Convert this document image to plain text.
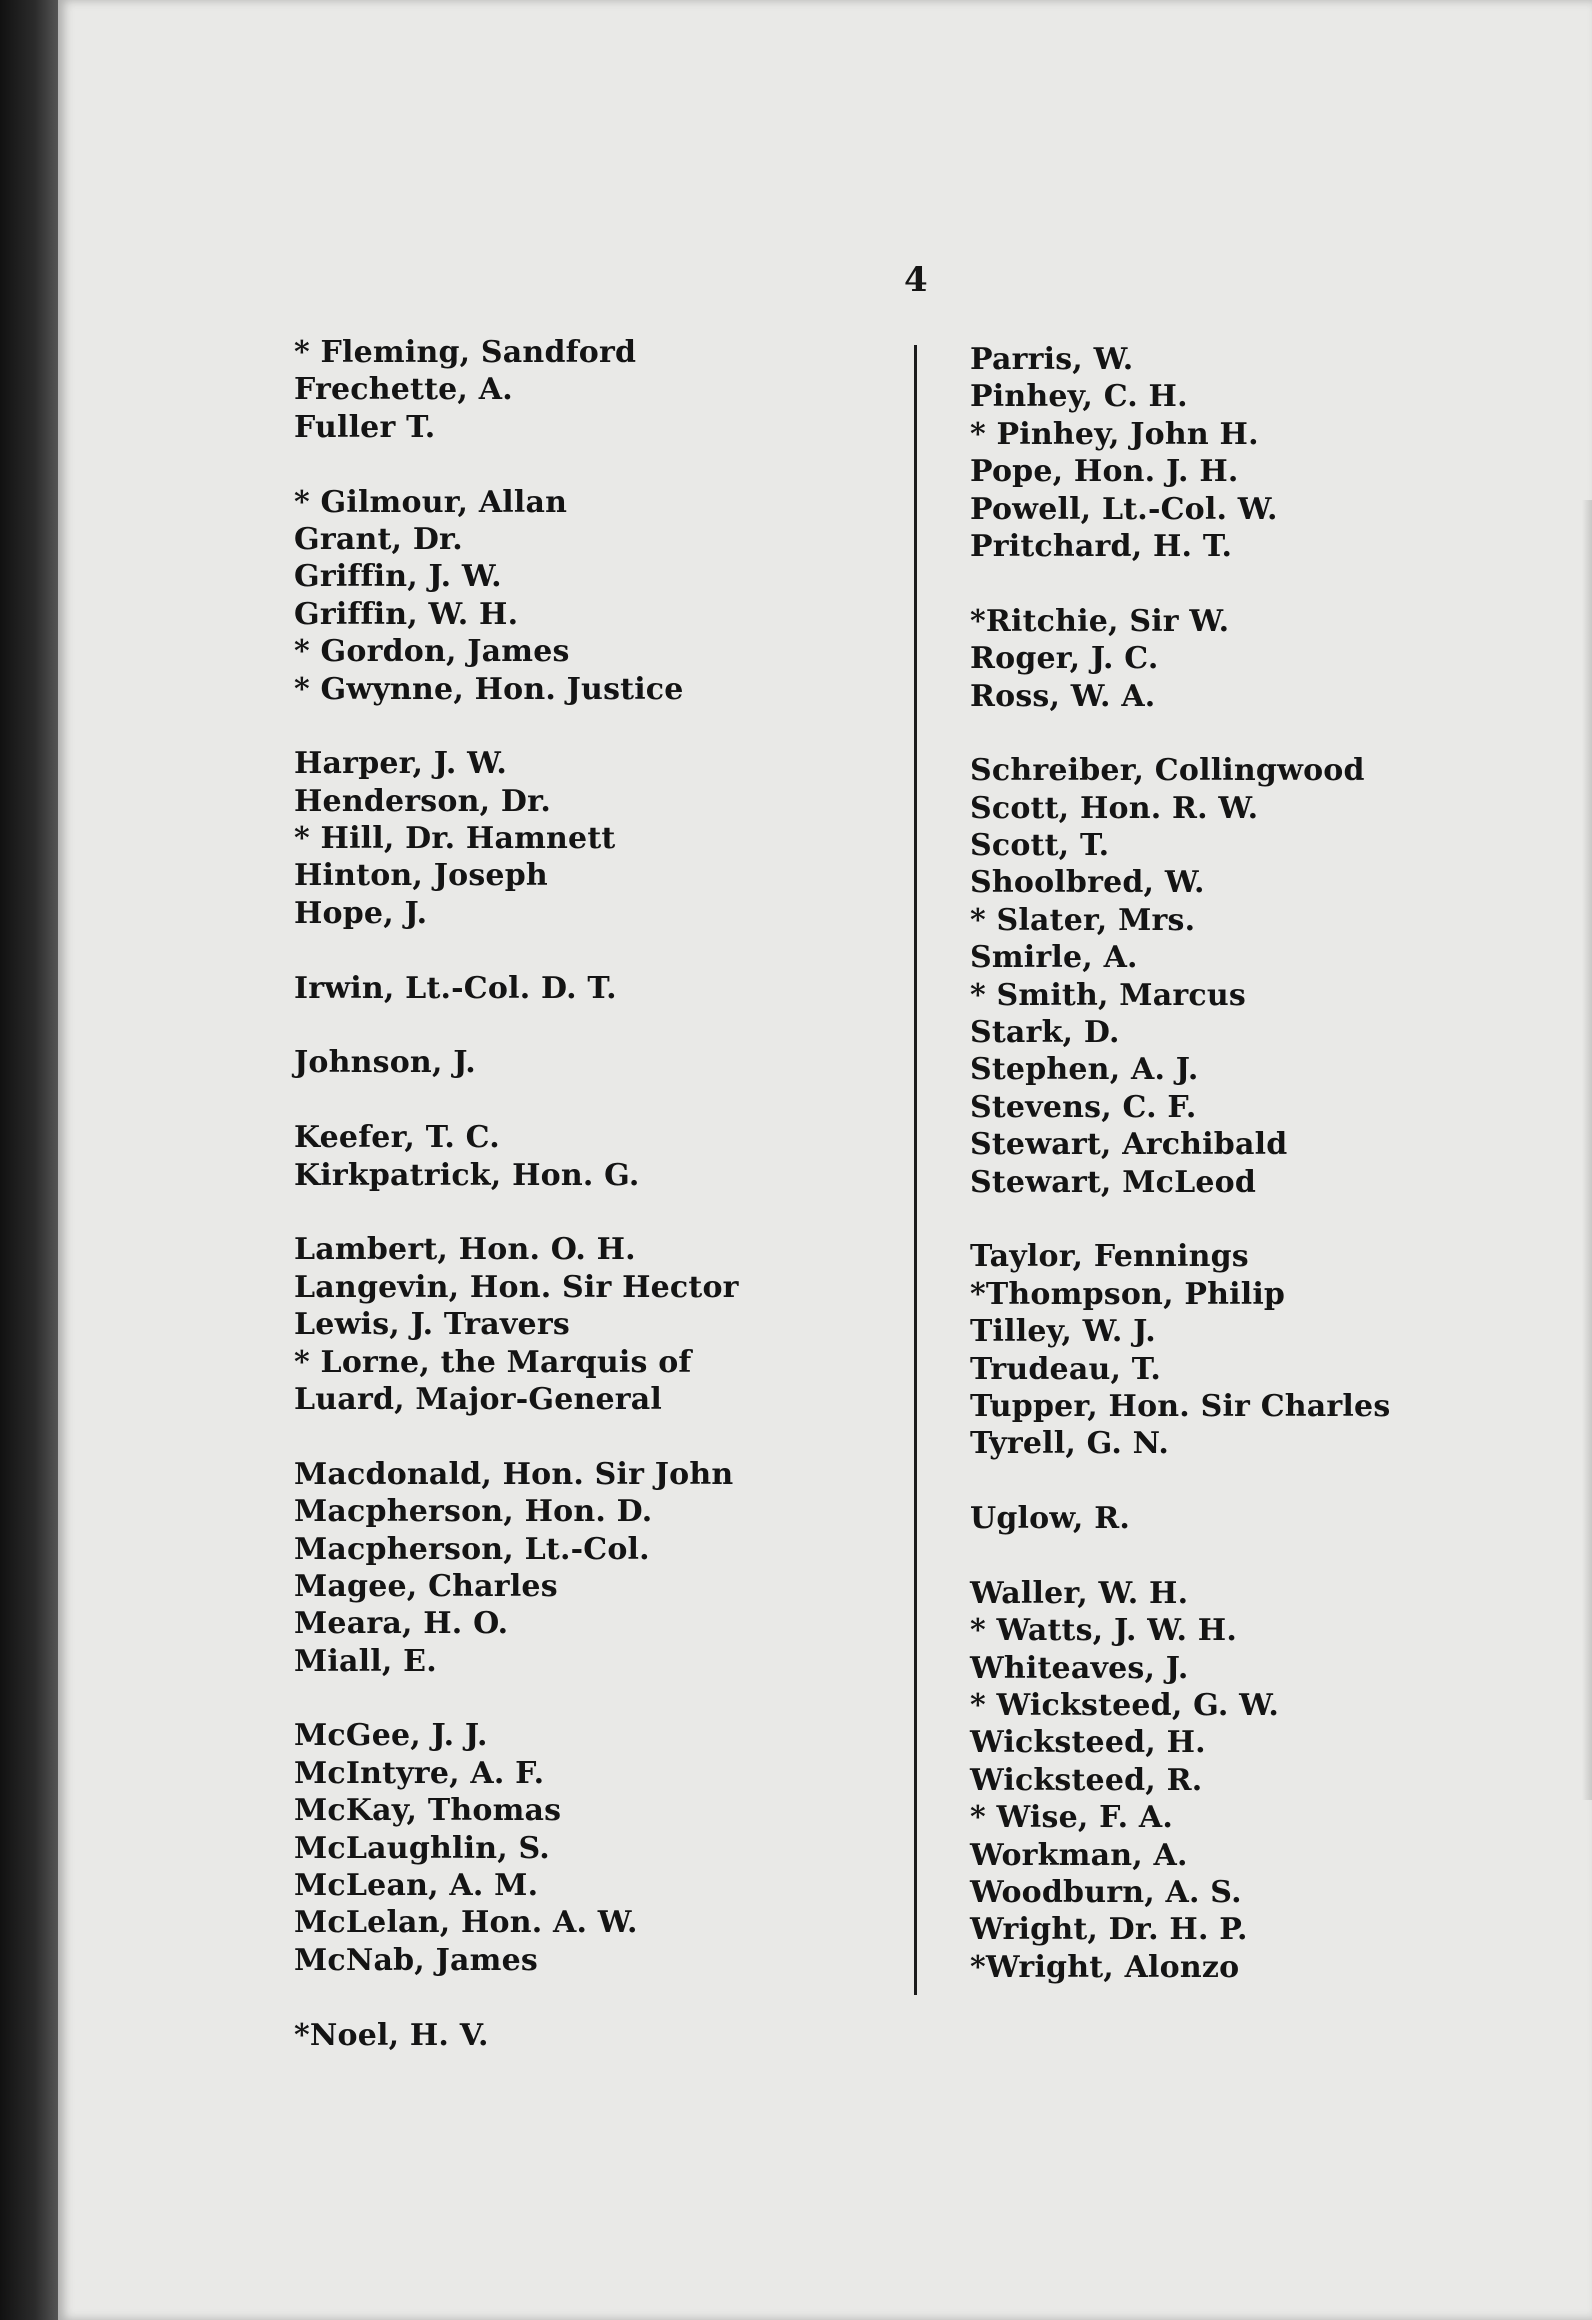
4
* Fleming, Sandford
Frechette, A.
Fuller T.
* Gilmour, Allan
Grant, Dr.
Griffin, J. W.
Griffin, W. H.
* Gordon, James
* Gwynne, Hon. Justice
Harper, J. W.
Henderson, Dr.
* Hill, Dr. Hamnett
Hinton, Joseph
Hope, J.
Irwin, Lt.-Col. D. T.
Johnson, J.
Keefer, T. C.
Kirkpatrick, Hon. G.
Lambert, Hon. O. H.
Langevin, Hon. Sir Hector
Lewis, J. Travers
* Lorne, the Marquis of
Luard, Major-General
Macdonald, Hon. Sir John
Macpherson, Hon. D.
Macpherson, Lt.-Col.
Magee, Charles
Meara, H. O.
Miall, E.
McGee, J. J.
McIntyre, A. F.
McKay, Thomas
McLaughlin, S.
McLean, A. M.
McLelan, Hon. A. W.
McNab, James
*Noel, H. V.
Parris, W.
Pinhey, C. H.
* Pinhey, John H.
Pope, Hon. J. H.
Powell, Lt.-Col. W.
Pritchard, H. T.
*Ritchie, Sir W.
Roger, J. C.
Ross, W. A.
Schreiber, Collingwood
Scott, Hon. R. W.
Scott, T.
Shoolbred, W.
* Slater, Mrs.
Smirle, A.
* Smith, Marcus
Stark, D.
Stephen, A. J.
Stevens, C. F.
Stewart, Archibald
Stewart, McLeod
Taylor, Fennings
*Thompson, Philip
Tilley, W. J.
Trudeau, T.
Tupper, Hon. Sir Charles
Tyrell, G. N.
Uglow, R.
Waller, W. H.
* Watts, J. W. H.
Whiteaves, J.
* Wicksteed, G. W.
Wicksteed, H.
Wicksteed, R.
* Wise, F. A.
Workman, A.
Woodburn, A. S.
Wright, Dr. H. P.
*Wright, Alonzo
